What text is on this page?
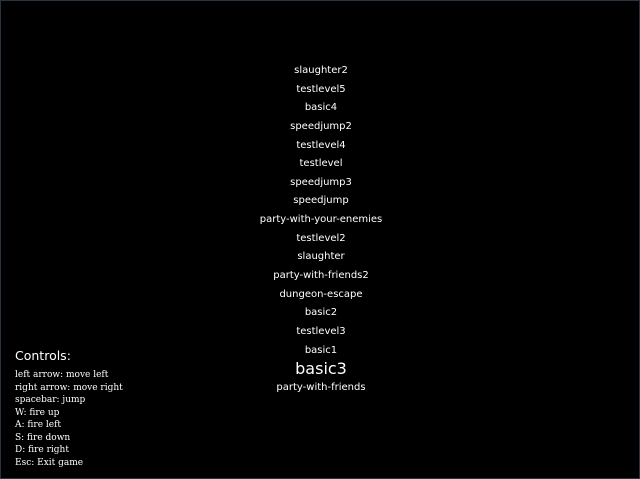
slaughter2
testlevel5
basic4
speedjump2
testlevel4
testlevel
speedjump3
speedjump
party-with-your-enemies
testlevel2
slaughter
party-with-friends2
dungeon-escape
basic2
testlevel3
basic1
basic3
party-with-friends
Controls:
left arrow: move left
right arrow: move right
spacebar: jump
W: fire up
A: fire left
S: fire down
D: fire right
Esc: Exit game
